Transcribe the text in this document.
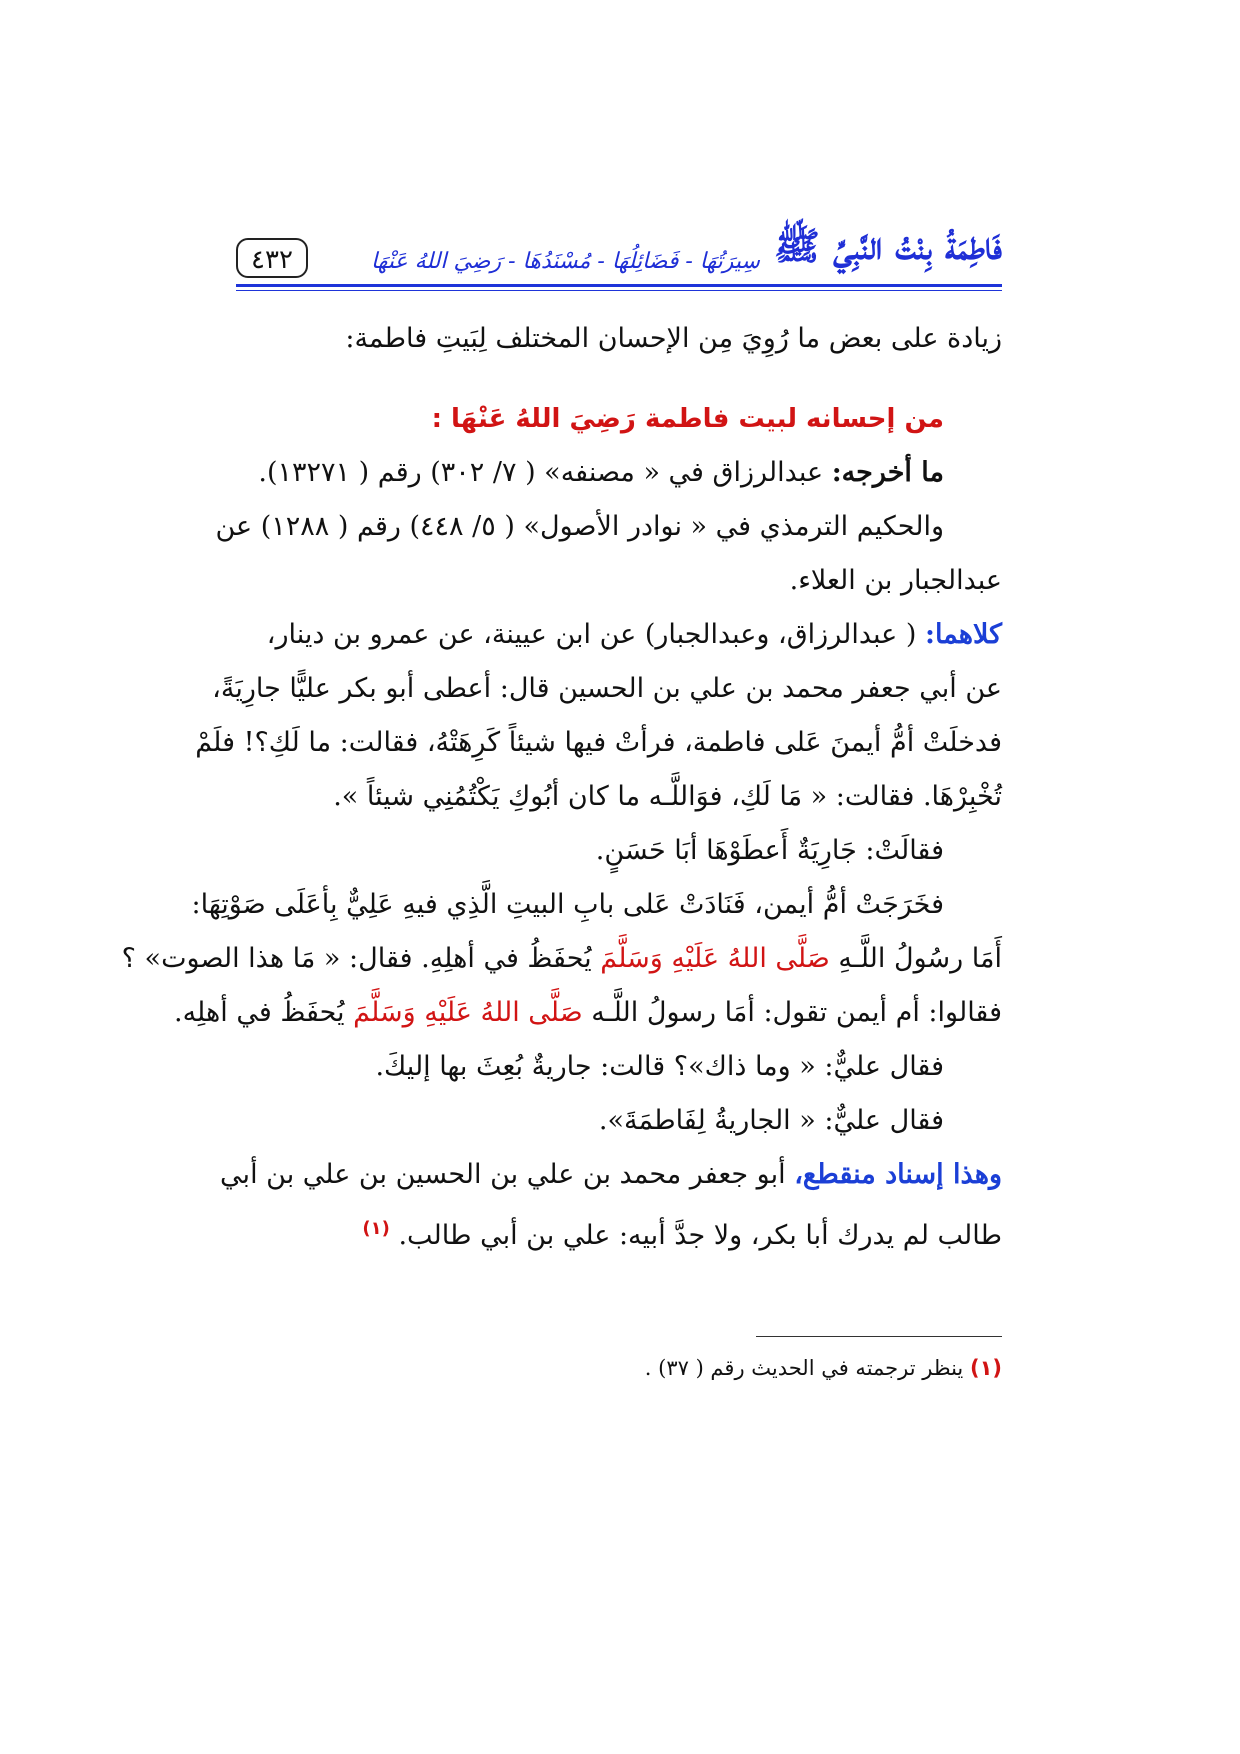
٤٣٢	فَاطِمَةُ بِنْتُ النَّبِيِّ ﷺ
سِيرَتُهَا - فَضَائِلُهَا - مُسْنَدُهَا - رَضِيَ اللهُ عَنْهَا
زيادة على بعض ما رُوِيَ مِن الإحسان المختلف لِبَيتِ فاطمة:
من إحسانه لبيت فاطمة رَضِيَ اللهُ عَنْهَا :
ما أخرجه: عبدالرزاق في « مصنفه» ( ٧/ ٣٠٢) رقم ( ١٣٢٧١).
والحكيم الترمذي في « نوادر الأصول» ( ٥/ ٤٤٨) رقم ( ١٢٨٨) عن
عبدالجبار بن العلاء.
كلاهما: ( عبدالرزاق، وعبدالجبار) عن ابن عيينة، عن عمرو بن دينار،
عن أبي جعفر محمد بن علي بن الحسين قال: أعطى أبو بكر عليًّا جارِيَةً،
فدخلَتْ أمُّ أيمنَ عَلى فاطمة، فرأتْ فيها شيئاً كَرِهَتْهُ، فقالت: ما لَكِ؟! فلَمْ
تُخْبِرْهَا. فقالت: « مَا لَكِ، فوَاللَّـه ما كان أبُوكِ يَكْتُمُنِي شيئاً ».
فقالَتْ: جَارِيَةٌ أَعطَوْهَا أبَا حَسَنٍ.
فخَرَجَتْ أمُّ أيمن، فَنَادَتْ عَلى بابِ البيتِ الَّذِي فيهِ عَلِيٌّ بِأعَلَى صَوْتِهَا:
أَمَا رسُولُ اللَّـهِ صَلَّى اللهُ عَلَيْهِ وَسَلَّمَ يُحفَظُ في أهلِهِ. فقال: « مَا هذا الصوت» ؟
فقالوا: أم أيمن تقول: أمَا رسولُ اللَّـه صَلَّى اللهُ عَلَيْهِ وَسَلَّمَ يُحفَظُ في أهلِه.
فقال عليٌّ: « وما ذاك»؟ قالت: جاريةٌ بُعِثَ بها إليكَ.
فقال عليٌّ: « الجاريةُ لِفَاطمَةَ».
وهذا إسناد منقطع، أبو جعفر محمد بن علي بن الحسين بن علي بن أبي
طالب لم يدرك أبا بكر، ولا جدَّ أبيه: علي بن أبي طالب. $^{(١)}$
(١) ينظر ترجمته في الحديث رقم ( ٣٧) .
